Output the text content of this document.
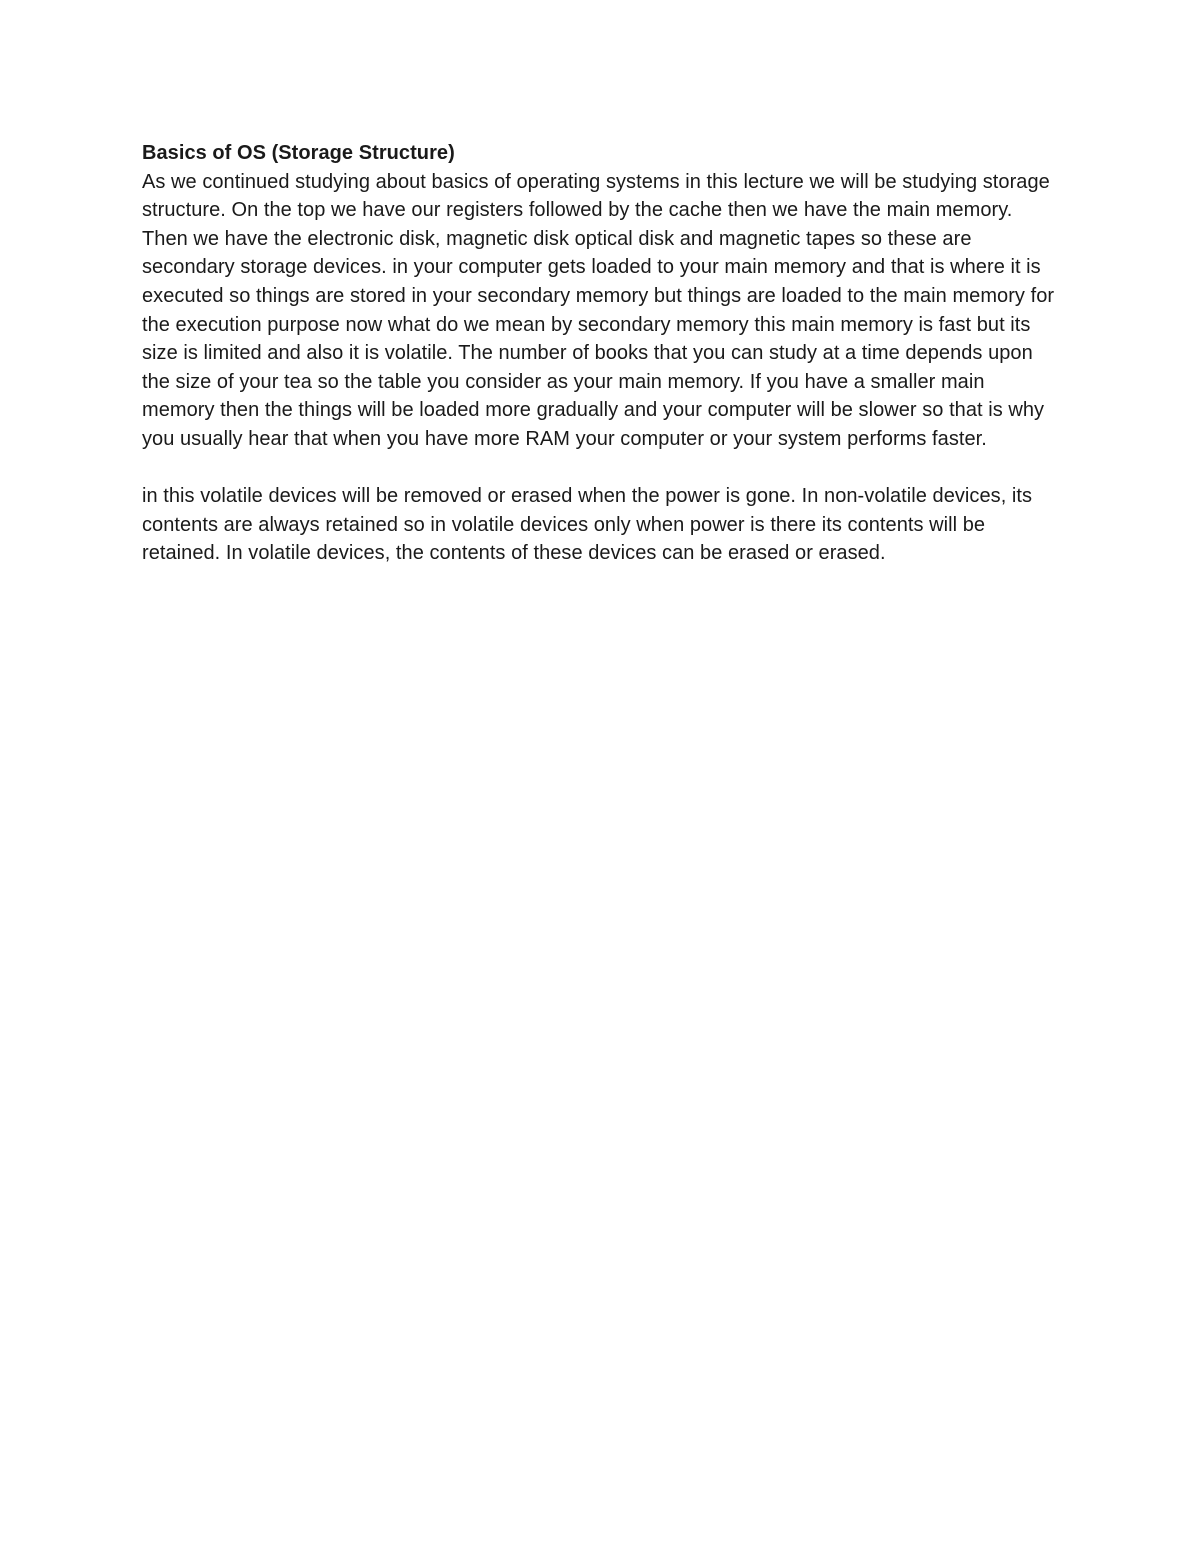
Basics of OS (Storage Structure)

As we continued studying about basics of operating systems in this lecture we will be studying storage structure. On the top we have our registers followed by the cache then we have the main memory. Then we have the electronic disk, magnetic disk optical disk and magnetic tapes so these are secondary storage devices. in your computer gets loaded to your main memory and that is where it is executed so things are stored in your secondary memory but things are loaded to the main memory for the execution purpose now what do we mean by secondary memory this main memory is fast but its size is limited and also it is volatile. The number of books that you can study at a time depends upon the size of your tea so the table you consider as your main memory. If you have a smaller main memory then the things will be loaded more gradually and your computer will be slower so that is why you usually hear that when you have more RAM your computer or your system performs faster.

in this volatile devices will be removed or erased when the power is gone. In non-volatile devices, its contents are always retained so in volatile devices only when power is there its contents will be retained. In volatile devices, the contents of these devices can be erased or erased.
